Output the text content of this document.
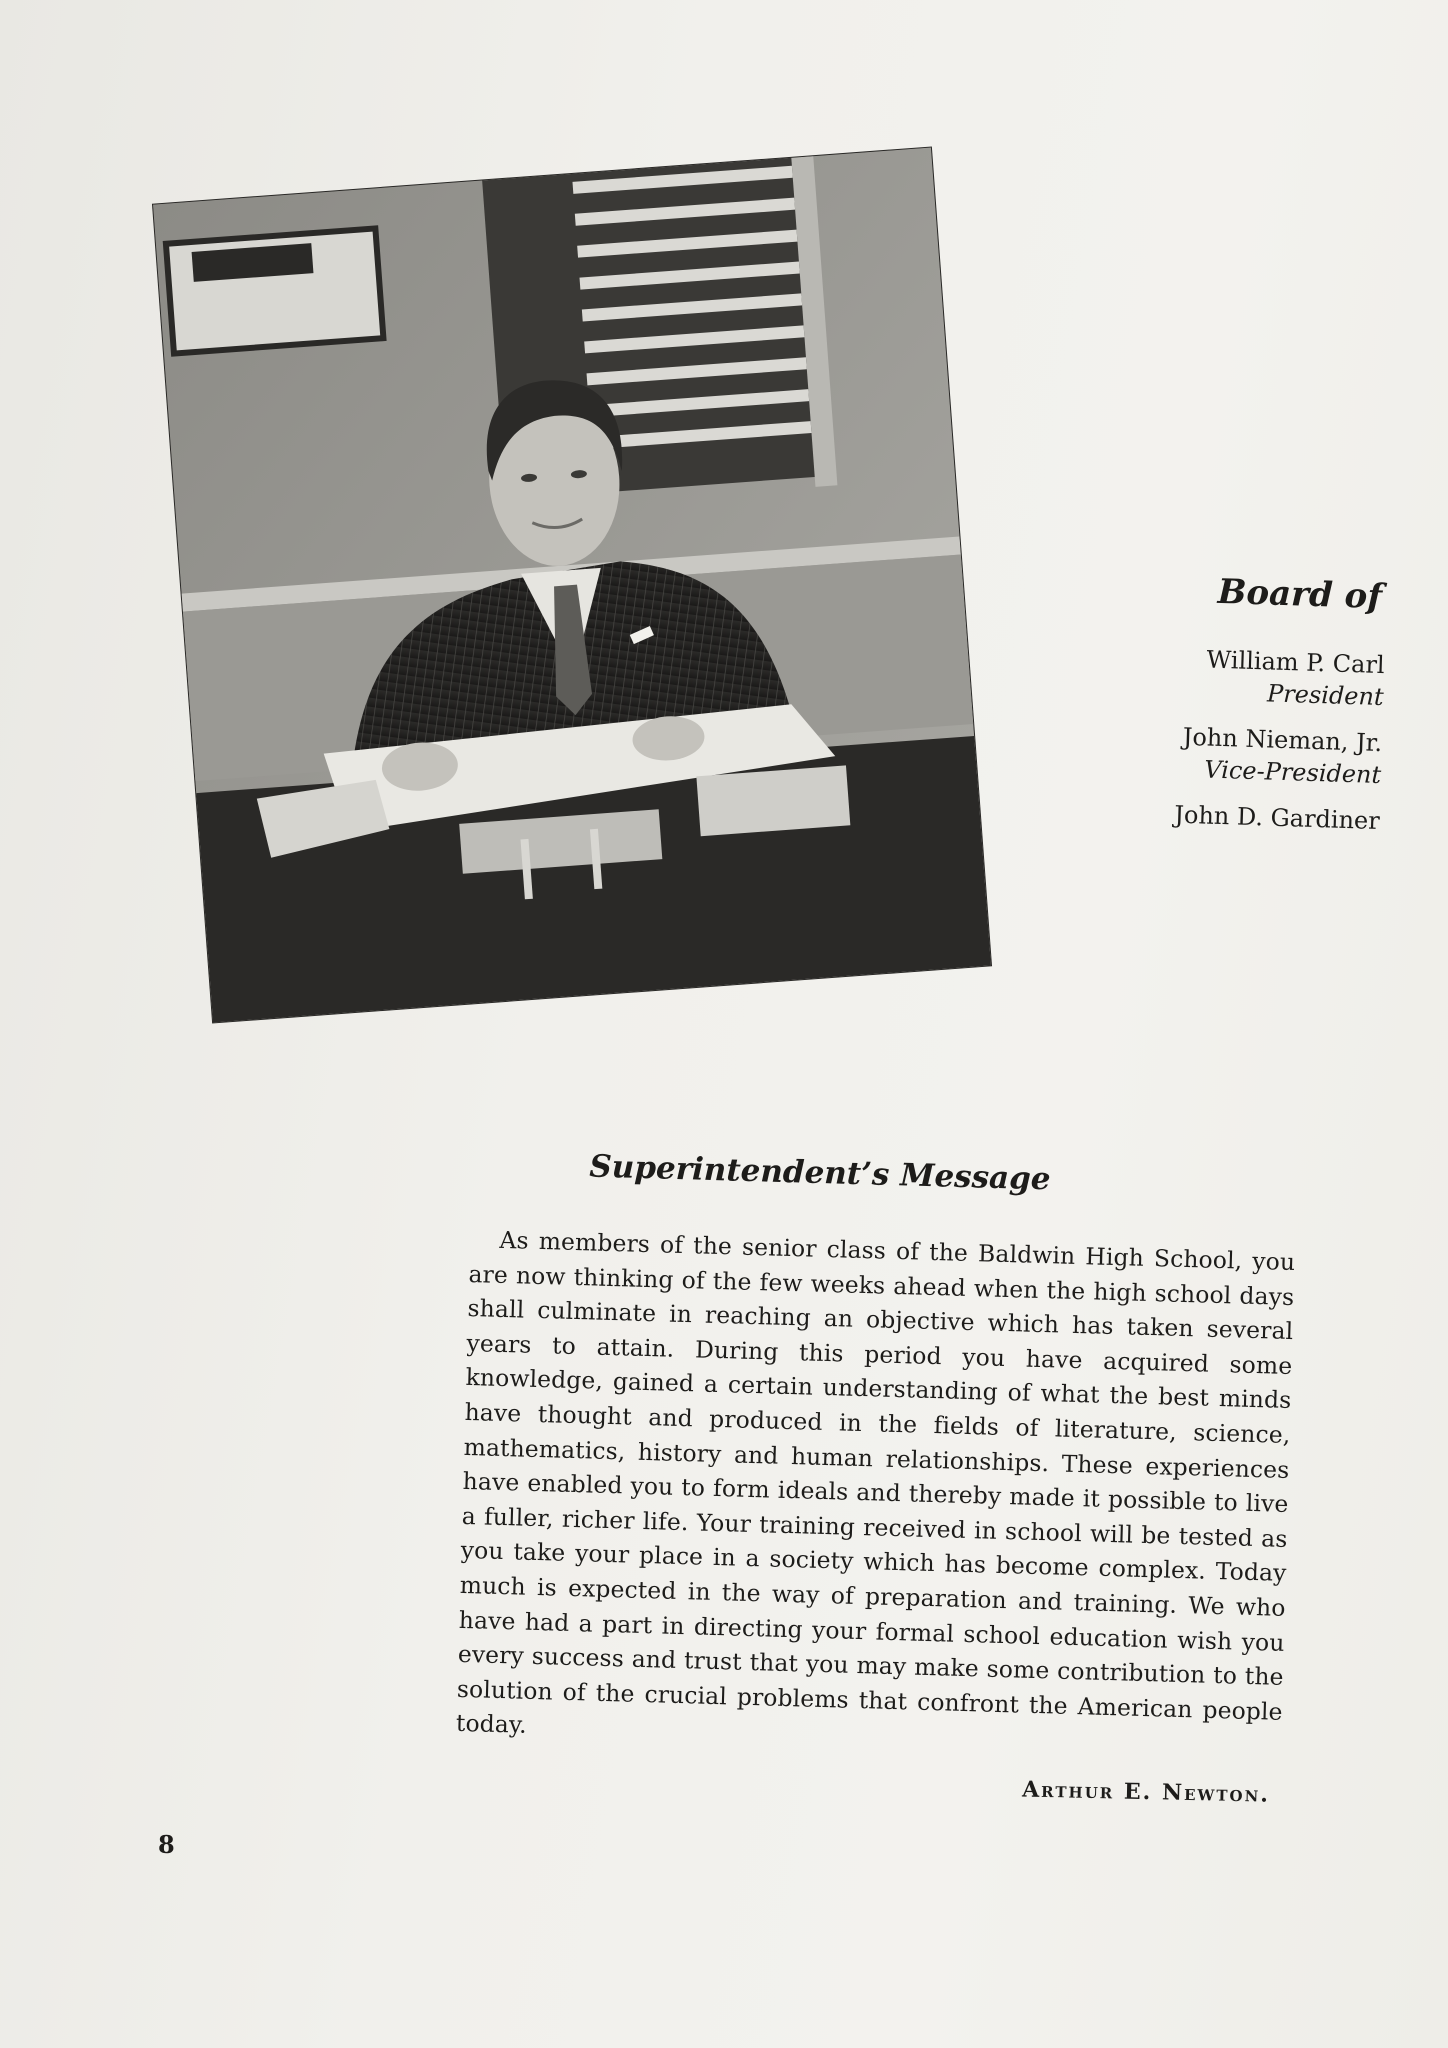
Board of
William P. Carl
President
John Nieman, Jr.
Vice-President
John D. Gardiner
Superintendent’s Message

As members of the senior class of the Baldwin High School, you are now thinking of the few weeks ahead when the high school days shall culminate in reaching an objective which has taken several years to attain. During this period you have acquired some knowledge, gained a certain understanding of what the best minds have thought and produced in the fields of literature, science, mathematics, history and human relationships. These experiences have enabled you to form ideals and thereby made it possible to live a fuller, richer life. Your training received in school will be tested as you take your place in a society which has become complex. Today much is expected in the way of preparation and training. We who have had a part in directing your formal school education wish you every success and trust that you may make some contribution to the solution of the crucial problems that confront the American people today.

Arthur E. Newton.
8
